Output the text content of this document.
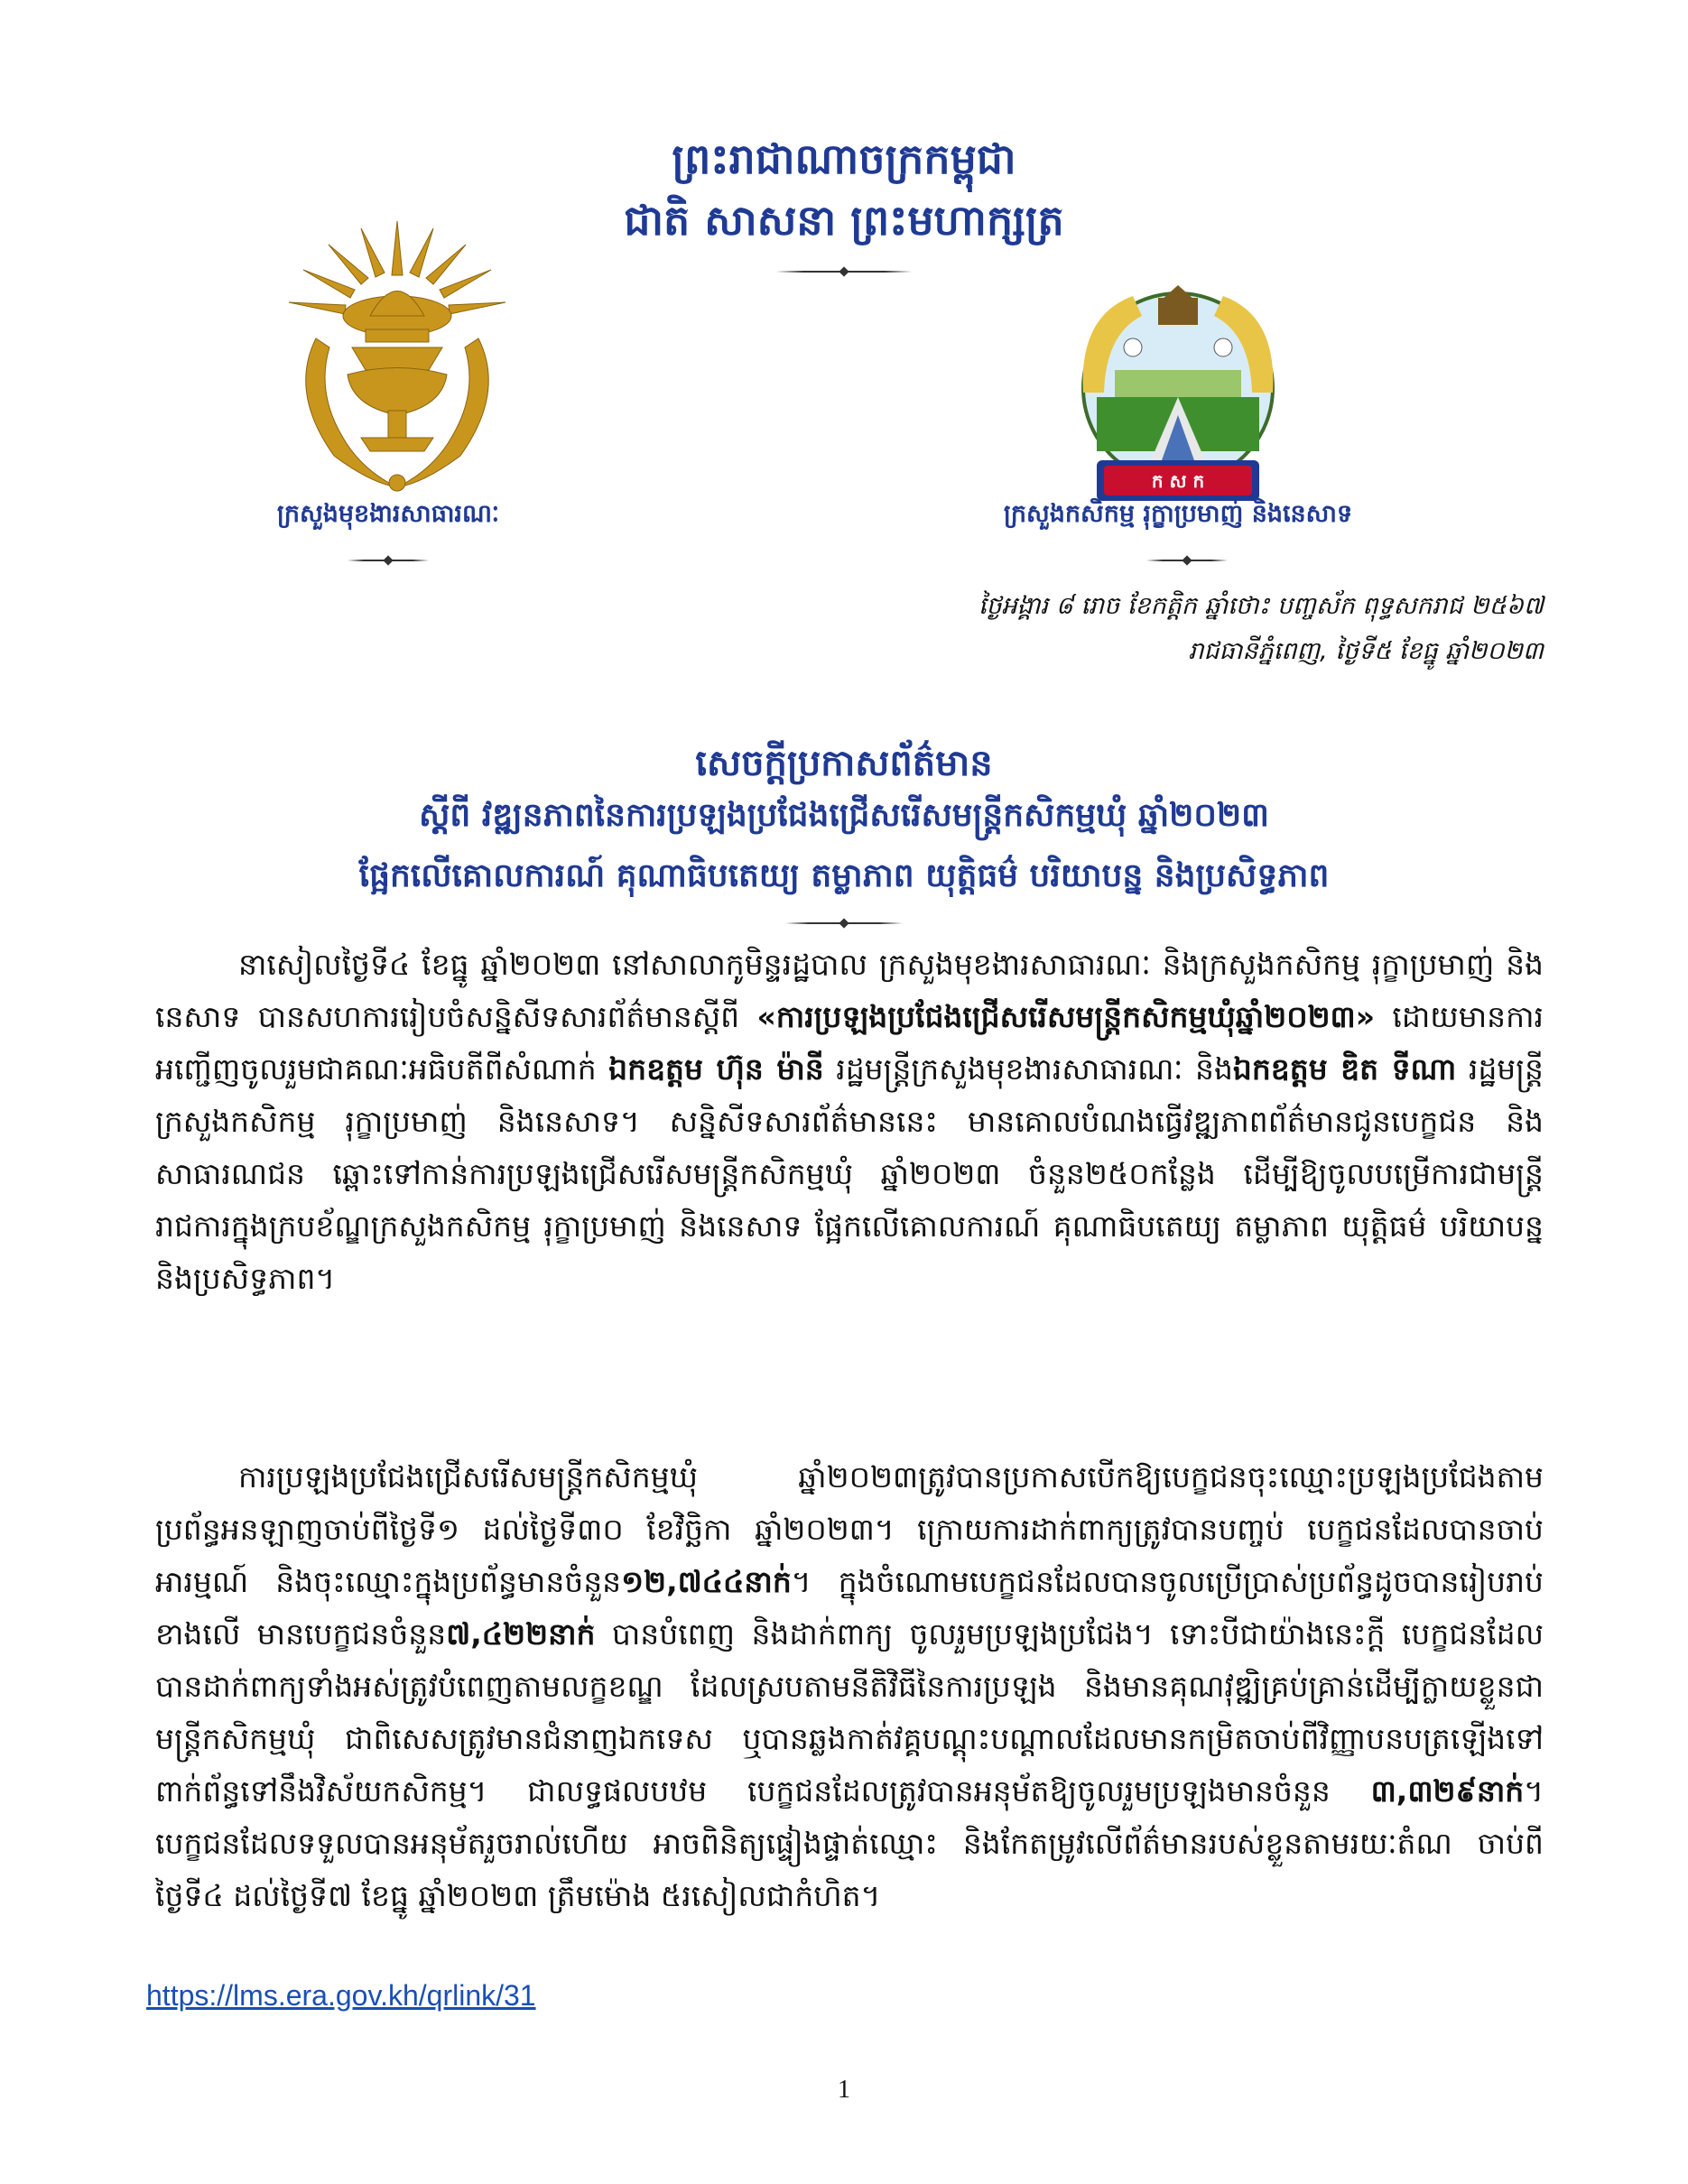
ព្រះរាជាណាចក្រកម្ពុជា
ជាតិ សាសនា ព្រះមហាក្សត្រ
ក ស ក
ក្រសួងមុខងារសាធារណៈ	ក្រសួងកសិកម្ម រុក្ខាប្រមាញ់ និងនេសាទ
ថ្ងៃអង្គារ ៨ រោច ខែកត្តិក ឆ្នាំថោះ បញ្ចស័ក ពុទ្ធសករាជ ២៥៦៧
រាជធានីភ្នំពេញ, ថ្ងៃទី៥ ខែធ្នូ ឆ្នាំ២០២៣
សេចក្តីប្រកាសព័ត៌មាន
ស្តីពី វឌ្ឍនភាពនៃការប្រឡងប្រជែងជ្រើសរើសមន្ត្រីកសិកម្មឃុំ ឆ្នាំ២០២៣
ផ្អែកលើគោលការណ៍ គុណាធិបតេយ្យ តម្លាភាព យុត្តិធម៌ បរិយាបន្ន និងប្រសិទ្ធភាព

នាសៀលថ្ងៃទី៤ ខែធ្នូ ឆ្នាំ២០២៣ នៅសាលាកូមិន្ទរដ្ឋបាល ក្រសួងមុខងារសាធារណៈ និងក្រសួងកសិកម្ម រុក្ខាប្រមាញ់ និងនេសាទ បានសហការរៀបចំសន្និសីទសារព័ត៌មានស្តីពី «ការប្រឡងប្រជែងជ្រើសរើសមន្ត្រីកសិកម្មឃុំឆ្នាំ២០២៣» ដោយមានការអញ្ជើញចូលរួមជាគណៈអធិបតីពីសំណាក់ ឯកឧត្តម ហ៊ុន ម៉ានី រដ្ឋមន្ត្រីក្រសួងមុខងារសាធារណៈ និងឯកឧត្តម ឌិត ទីណា រដ្ឋមន្ត្រីក្រសួងកសិកម្ម រុក្ខាប្រមាញ់ និងនេសាទ។ សន្និសីទសារព័ត៌មាននេះ មានគោលបំណងធ្វើវឌ្ឍភាពព័ត៌មានជូនបេក្ខជន និងសាធារណជន ឆ្ពោះទៅកាន់ការប្រឡងជ្រើសរើសមន្ត្រីកសិកម្មឃុំ ឆ្នាំ២០២៣ ចំនួន២៥០កន្លែង ដើម្បីឱ្យចូលបម្រើការជាមន្ត្រីរាជការក្នុងក្របខ័ណ្ឌក្រសួងកសិកម្ម រុក្ខាប្រមាញ់ និងនេសាទ ផ្អែកលើគោលការណ៍ គុណាធិបតេយ្យ តម្លាភាព យុត្តិធម៌ បរិយាបន្ន និងប្រសិទ្ធភាព។

ការប្រឡងប្រជែងជ្រើសរើសមន្ត្រីកសិកម្មឃុំ ឆ្នាំ២០២៣ត្រូវបានប្រកាសបើកឱ្យបេក្ខជនចុះឈ្មោះប្រឡងប្រជែងតាមប្រព័ន្ធអនឡាញចាប់ពីថ្ងៃទី១ ដល់ថ្ងៃទី៣០ ខែវិច្ឆិកា ឆ្នាំ២០២៣។ ក្រោយការដាក់ពាក្យត្រូវបានបញ្ចប់ បេក្ខជនដែលបានចាប់អារម្មណ៍ និងចុះឈ្មោះក្នុងប្រព័ន្ធមានចំនួន១២,៧៤៤នាក់។ ក្នុងចំណោមបេក្ខជនដែលបានចូលប្រើប្រាស់ប្រព័ន្ធដូចបានរៀបរាប់ខាងលើ មានបេក្ខជនចំនួន៧,៤២២នាក់ បានបំពេញ និងដាក់ពាក្យ ចូលរួមប្រឡងប្រជែង។ ទោះបីជាយ៉ាងនេះក្តី បេក្ខជនដែលបានដាក់ពាក្យទាំងអស់ត្រូវបំពេញតាមលក្ខខណ្ឌ ដែលស្របតាមនីតិវិធីនៃការប្រឡង និងមានគុណវុឌ្ឍិគ្រប់គ្រាន់ដើម្បីក្លាយខ្លួនជាមន្ត្រីកសិកម្មឃុំ ជាពិសេសត្រូវមានជំនាញឯកទេស ឬបានឆ្លងកាត់វគ្គបណ្តុះបណ្តាលដែលមានកម្រិតចាប់ពីវិញ្ញាបនបត្រឡើងទៅពាក់ព័ន្ធទៅនឹងវិស័យកសិកម្ម។ ជាលទ្ធផលបឋម បេក្ខជនដែលត្រូវបានអនុម័តឱ្យចូលរួមប្រឡងមានចំនួន ៣,៣២៩នាក់។ បេក្ខជនដែលទទួលបានអនុម័តរួចរាល់ហើយ អាចពិនិត្យផ្ទៀងផ្ទាត់ឈ្មោះ និងកែតម្រូវលើព័ត៌មានរបស់ខ្លួនតាមរយៈតំណ ចាប់ពីថ្ងៃទី៤ ដល់ថ្ងៃទី៧ ខែធ្នូ ឆ្នាំ២០២៣ ត្រឹមម៉ោង ៥រសៀលជាកំហិត។

https://lms.era.gov.kh/qrlink/31
1
